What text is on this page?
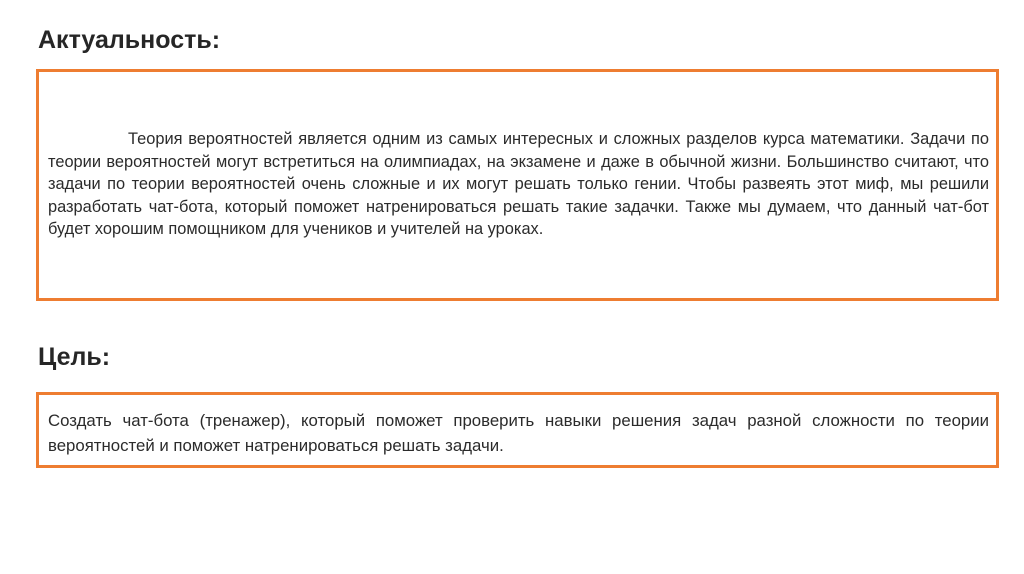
Актуальность:

Теория вероятностей является одним из самых интересных и сложных разделов курса математики. Задачи по теории вероятностей могут встретиться на олимпиадах, на экзамене и даже в обычной жизни. Большинство считают, что задачи по теории вероятностей очень сложные и их могут решать только гении. Чтобы развеять этот миф, мы решили разработать чат-бота, который поможет натренироваться решать такие задачки. Также мы думаем, что данный чат-бот будет хорошим помощником для учеников и учителей на уроках.

Цель:

Создать чат-бота (тренажер), который поможет проверить навыки решения задач разной сложности по теории вероятностей и поможет натренироваться решать задачи.
